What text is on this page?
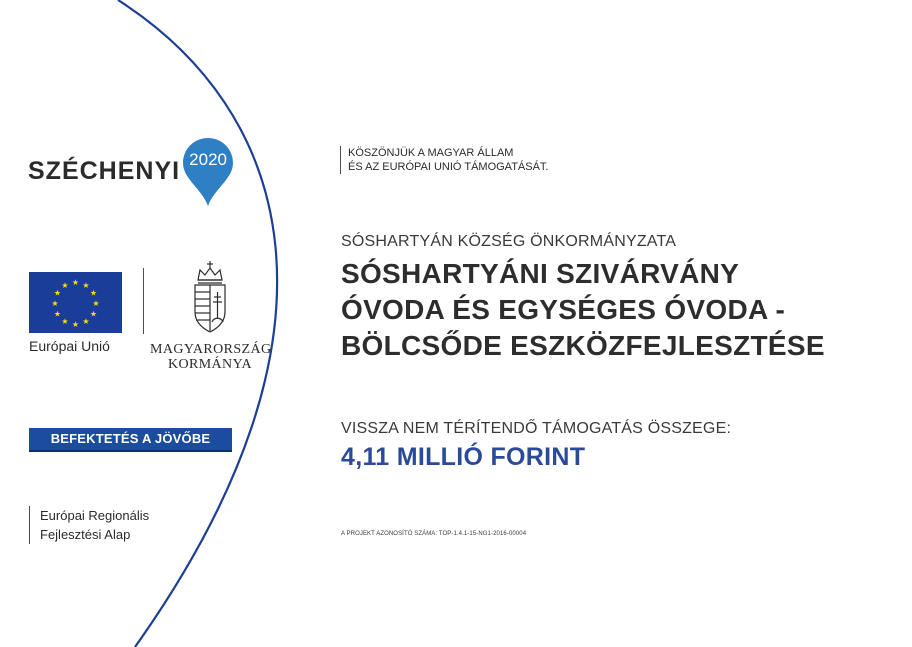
SZÉCHENYI 2020
★ ★
★
★
★
★
★
★
★
★
★
★
Európai Unió	MAGYARORSZÁG
KORMÁNYA
BEFEKTETÉS A JÖVŐBE
Európai Regionális
Fejlesztési Alap
KÖSZÖNJÜK A MAGYAR ÁLLAM
ÉS AZ EURÓPAI UNIÓ TÁMOGATÁSÁT.
SÓSHARTYÁN KÖZSÉG ÖNKORMÁNYZATA
SÓSHARTYÁNI SZIVÁRVÁNY
ÓVODA ÉS EGYSÉGES ÓVODA -
BÖLCSŐDE ESZKÖZFEJLESZTÉSE
VISSZA NEM TÉRÍTENDŐ TÁMOGATÁS ÖSSZEGE:
4,11 MILLIÓ FORINT
A PROJEKT AZONOSÍTÓ SZÁMA: TOP-1.4.1-15-NG1-2016-00004
